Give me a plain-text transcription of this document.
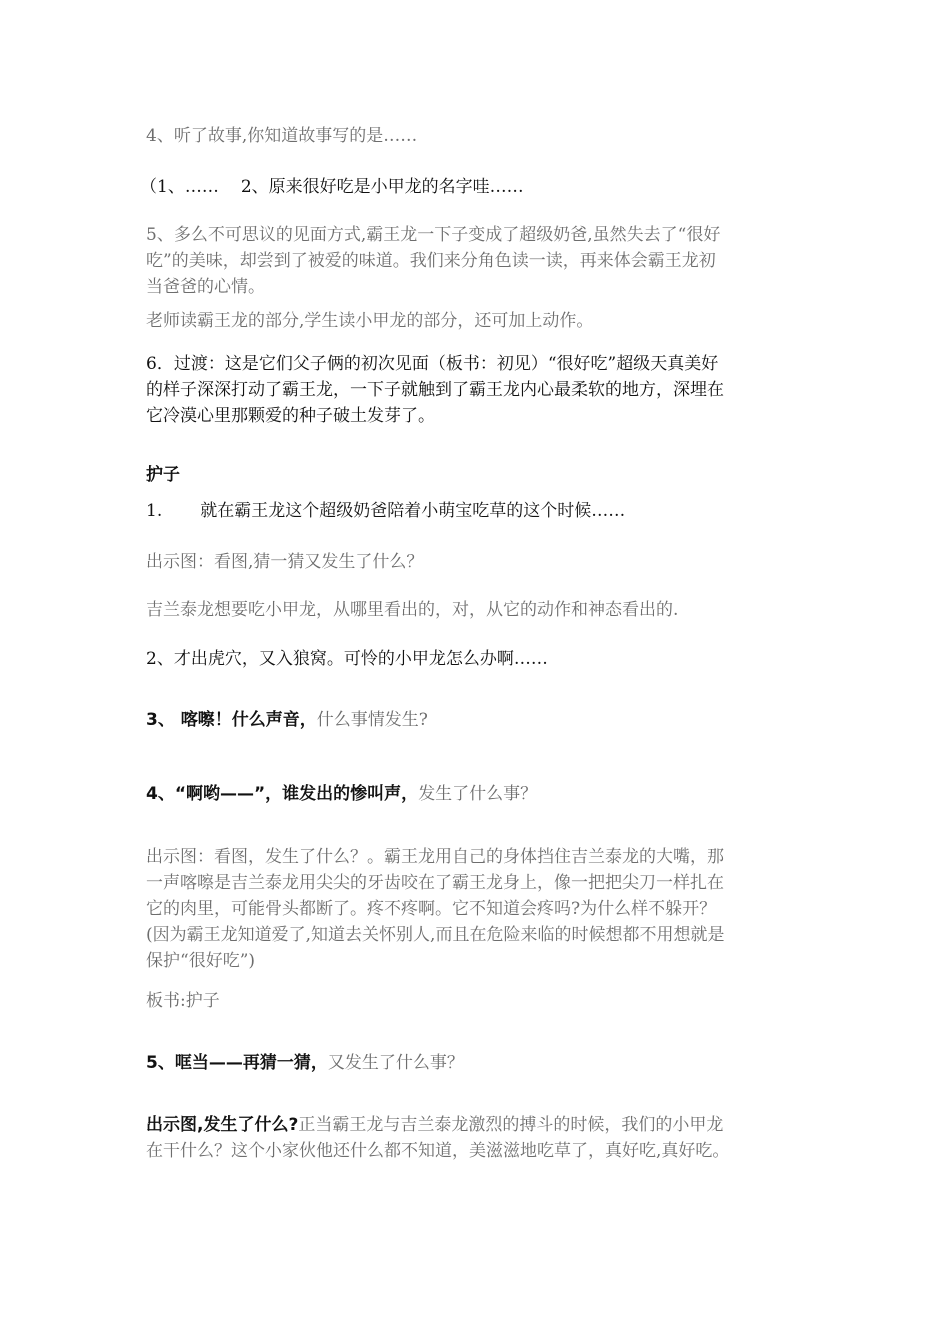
4、听了故事,你知道故事写的是……
（1、…… 2、原来很好吃是小甲龙的名字哇……
5、多么不可思议的见面方式,霸王龙一下子变成了超级奶爸,虽然失去了“很好
吃”的美味，却尝到了被爱的味道。我们来分角色读一读，再来体会霸王龙初
当爸爸的心情。
老师读霸王龙的部分,学生读小甲龙的部分，还可加上动作。
6．过渡：这是它们父子俩的初次见面（板书：初见）“很好吃”超级天真美好
的样子深深打动了霸王龙，一下子就触到了霸王龙内心最柔软的地方，深埋在
它冷漠心里那颗爱的种子破土发芽了。
护子
1. 就在霸王龙这个超级奶爸陪着小萌宝吃草的这个时候……
出示图：看图,猜一猜又发生了什么？
吉兰泰龙想要吃小甲龙，从哪里看出的，对，从它的动作和神态看出的.
2、才出虎穴，又入狼窝。可怜的小甲龙怎么办啊……
3、 喀嚓！什么声音，什么事情发生?
4、“啊哟——”，谁发出的惨叫声，发生了什么事？
出示图：看图，发生了什么？。霸王龙用自己的身体挡住吉兰泰龙的大嘴，那
一声喀嚓是吉兰泰龙用尖尖的牙齿咬在了霸王龙身上，像一把把尖刀一样扎在
它的肉里，可能骨头都断了。疼不疼啊。它不知道会疼吗?为什么样不躲开？
(因为霸王龙知道爱了,知道去关怀别人,而且在危险来临的时候想都不用想就是
保护“很好吃”)
板书:护子
5、哐当——再猜一猜，又发生了什么事？
出示图,发生了什么?正当霸王龙与吉兰泰龙激烈的搏斗的时候，我们的小甲龙
在干什么？这个小家伙他还什么都不知道，美滋滋地吃草了，真好吃,真好吃。
